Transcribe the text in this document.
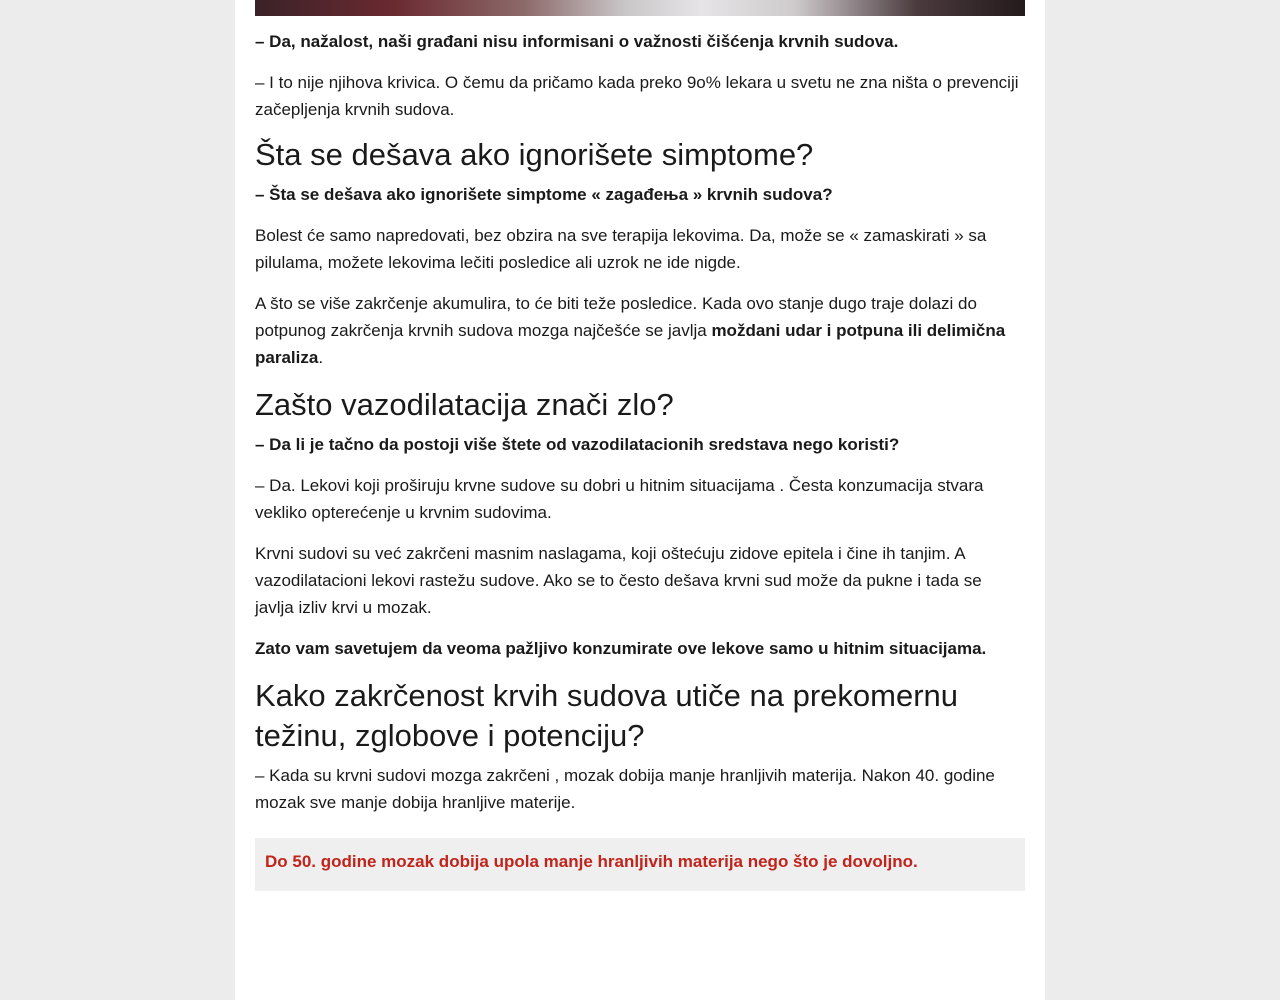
– Da, nažalost, naši građani nisu informisani o važnosti čišćenja krvnih sudova.

– I to nije njihova krivica. O čemu da pričamo kada preko 9o% lekara u svetu ne zna ništa o prevenciji začepljenja krvnih sudova.

Šta se dešava ako ignorišete simptome?

– Šta se dešava ako ignorišete simptome « zagađeњa » krvnih sudova?

Bolest će samo napredovati, bez obzira na sve terapija lekovima. Da, može se « zamaskirati » sa pilulama, možete lekovima lečiti posledice ali uzrok ne ide nigde.

A što se više zakrčenje akumulira, to će biti teže posledice. Kada ovo stanje dugo traje dolazi do potpunog zakrčenja krvnih sudova mozga najčešće se javlja moždani udar i potpuna ili delimična paraliza.

Zašto vazodilatacija znači zlo?

– Da li je tačno da postoji više štete od vazodilatacionih sredstava nego koristi?

– Da. Lekovi koji proširuju krvne sudove su dobri u hitnim situacijama . Česta konzumacija stvara vekliko opterećenje u krvnim sudovima.

Krvni sudovi su već zakrčeni masnim naslagama, koji oštećuju zidove epitela i čine ih tanjim. A vazodilatacioni lekovi rastežu sudove. Ako se to često dešava krvni sud može da pukne i tada se javlja izliv krvi u mozak.

Zato vam savetujem da veoma pažljivo konzumirate ove lekove samo u hitnim situacijama.

Kako zakrčenost krvih sudova utiče na prekomernu težinu, zglobove i potenciju?

– Kada su krvni sudovi mozga zakrčeni , mozak dobija manje hranljivih materija. Nakon 40. godine mozak sve manje dobija hranljive materije.

Do 50. godine mozak dobija upola manje hranljivih materija nego što je dovoljno.
